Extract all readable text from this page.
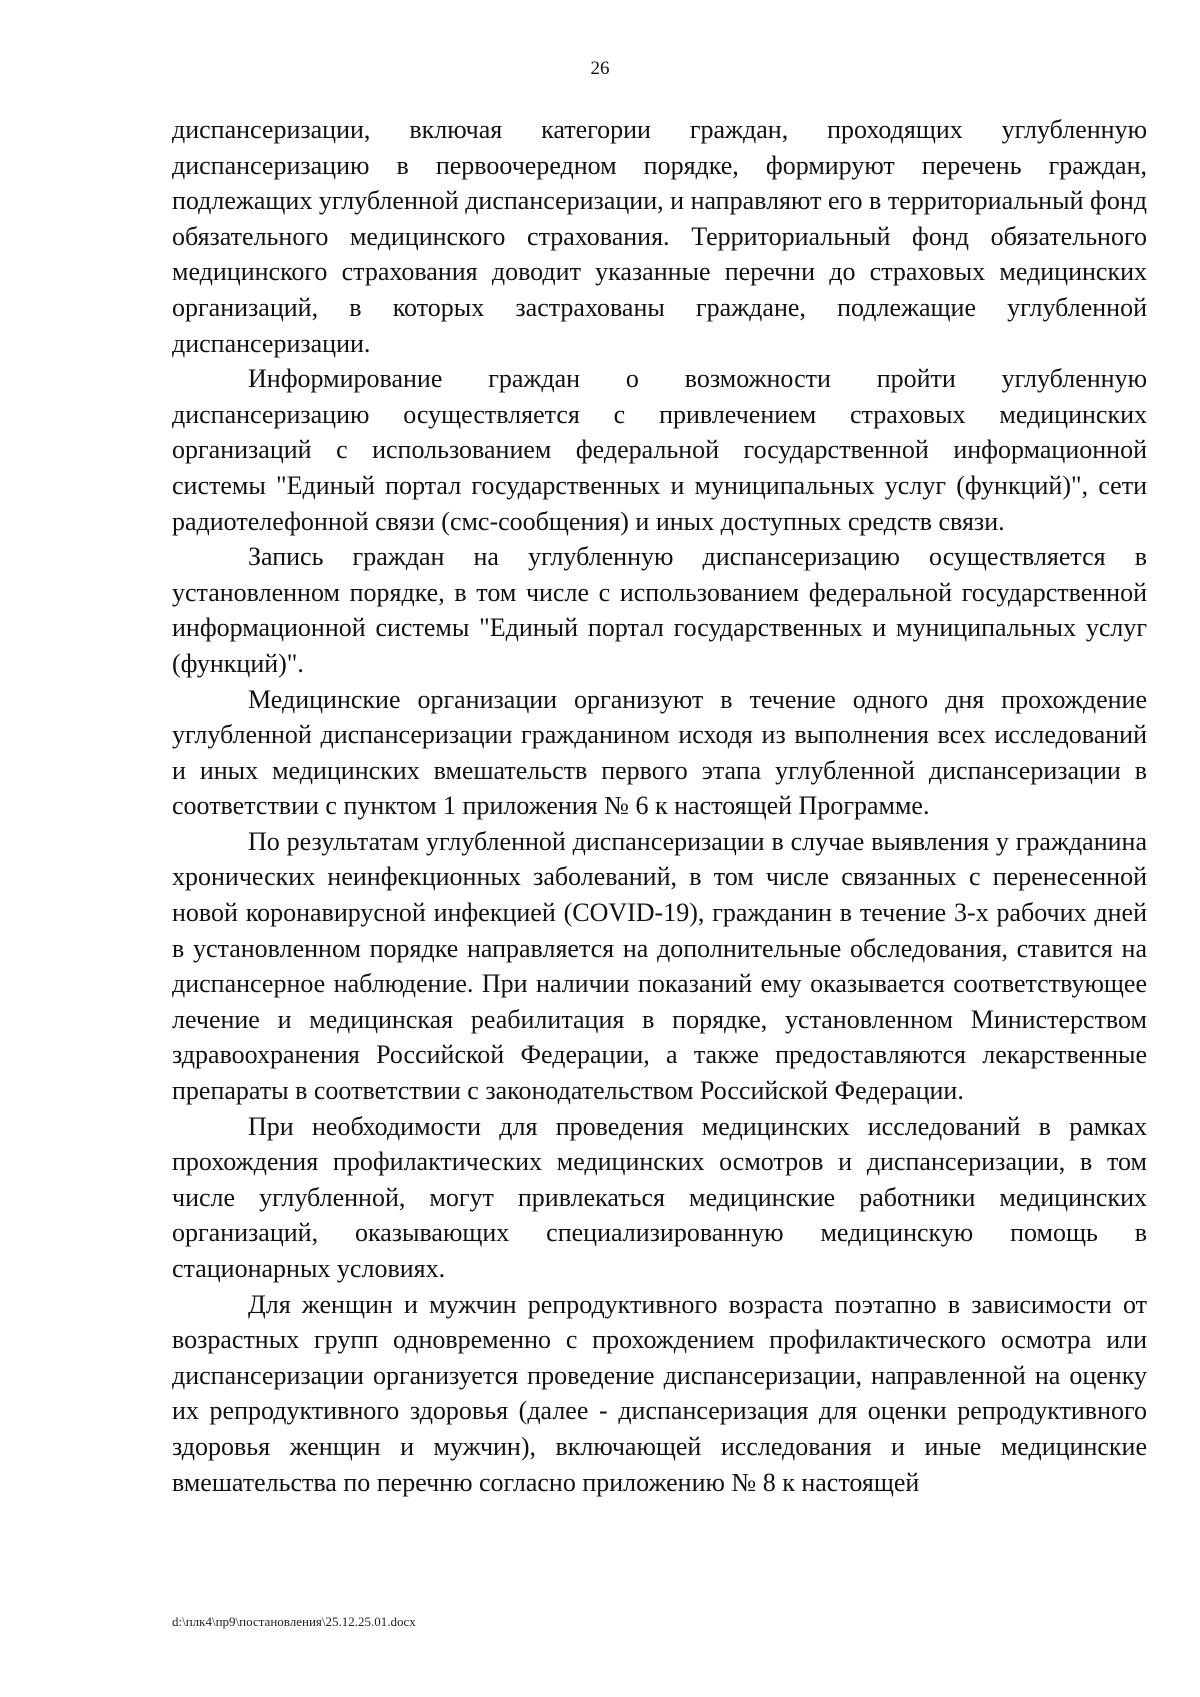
26

диспансеризации, включая категории граждан, проходящих углубленную диспансеризацию в первоочередном порядке, формируют перечень граждан, подлежащих углубленной диспансеризации, и направляют его в территориальный фонд обязательного медицинского страхования. Территориальный фонд обязательного медицинского страхования доводит указанные перечни до страховых медицинских организаций, в которых застрахованы граждане, подлежащие углубленной диспансеризации.

Информирование граждан о возможности пройти углубленную диспансеризацию осуществляется с привлечением страховых медицинских организаций с использованием федеральной государственной информационной системы "Единый портал государственных и муниципальных услуг (функций)", сети радиотелефонной связи (смс-сообщения) и иных доступных средств связи.

Запись граждан на углубленную диспансеризацию осуществляется в установленном порядке, в том числе с использованием федеральной государственной информационной системы "Единый портал государственных и муниципальных услуг (функций)".

Медицинские организации организуют в течение одного дня прохождение углубленной диспансеризации гражданином исходя из выполнения всех исследований и иных медицинских вмешательств первого этапа углубленной диспансеризации в соответствии с пунктом 1 приложения № 6 к настоящей Программе.

По результатам углубленной диспансеризации в случае выявления у гражданина хронических неинфекционных заболеваний, в том числе связанных с перенесенной новой коронавирусной инфекцией (COVID-19), гражданин в течение 3-х рабочих дней в установленном порядке направляется на дополнительные обследования, ставится на диспансерное наблюдение. При наличии показаний ему оказывается соответствующее лечение и медицинская реабилитация в порядке, установленном Министерством здравоохранения Российской Федерации, а также предоставляются лекарственные препараты в соответствии с законодательством Российской Федерации.

При необходимости для проведения медицинских исследований в рамках прохождения профилактических медицинских осмотров и диспансеризации, в том числе углубленной, могут привлекаться медицинские работники медицинских организаций, оказывающих специализированную медицинскую помощь в стационарных условиях.

Для женщин и мужчин репродуктивного возраста поэтапно в зависимости от возрастных групп одновременно с прохождением профилактического осмотра или диспансеризации организуется проведение диспансеризации, направленной на оценку их репродуктивного здоровья (далее - диспансеризация для оценки репродуктивного здоровья женщин и мужчин), включающей исследования и иные медицинские вмешательства по перечню согласно приложению № 8 к настоящей

d:\плк4\пр9\постановления\25.12.25.01.docx
